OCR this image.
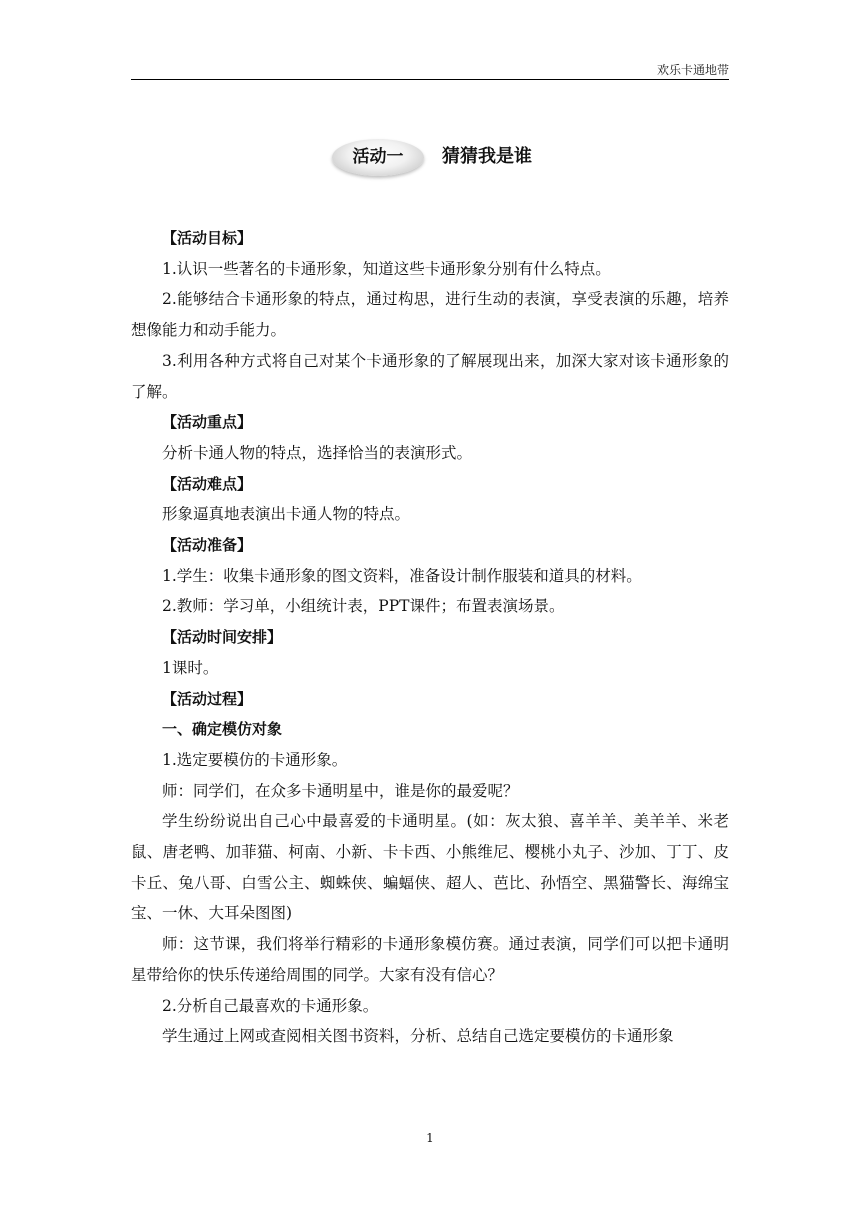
欢乐卡通地带
活动一	猜猜我是谁

【活动目标】

1.认识一些著名的卡通形象，知道这些卡通形象分别有什么特点。

2.能够结合卡通形象的特点，通过构思，进行生动的表演，享受表演的乐趣，培养想像能力和动手能力。

3.利用各种方式将自己对某个卡通形象的了解展现出来，加深大家对该卡通形象的了解。

【活动重点】

分析卡通人物的特点，选择恰当的表演形式。

【活动难点】

形象逼真地表演出卡通人物的特点。

【活动准备】

1.学生：收集卡通形象的图文资料，准备设计制作服装和道具的材料。

2.教师：学习单，小组统计表，PPT课件；布置表演场景。

【活动时间安排】

1课时。

【活动过程】

一、确定模仿对象

1.选定要模仿的卡通形象。

师：同学们，在众多卡通明星中，谁是你的最爱呢？

学生纷纷说出自己心中最喜爱的卡通明星。(如：灰太狼、喜羊羊、美羊羊、米老鼠、唐老鸭、加菲猫、柯南、小新、卡卡西、小熊维尼、樱桃小丸子、沙加、丁丁、皮卡丘、兔八哥、白雪公主、蜘蛛侠、蝙蝠侠、超人、芭比、孙悟空、黑猫警长、海绵宝宝、一休、大耳朵图图)

师：这节课，我们将举行精彩的卡通形象模仿赛。通过表演，同学们可以把卡通明星带给你的快乐传递给周围的同学。大家有没有信心？

2.分析自己最喜欢的卡通形象。

学生通过上网或查阅相关图书资料，分析、总结自己选定要模仿的卡通形象

1
